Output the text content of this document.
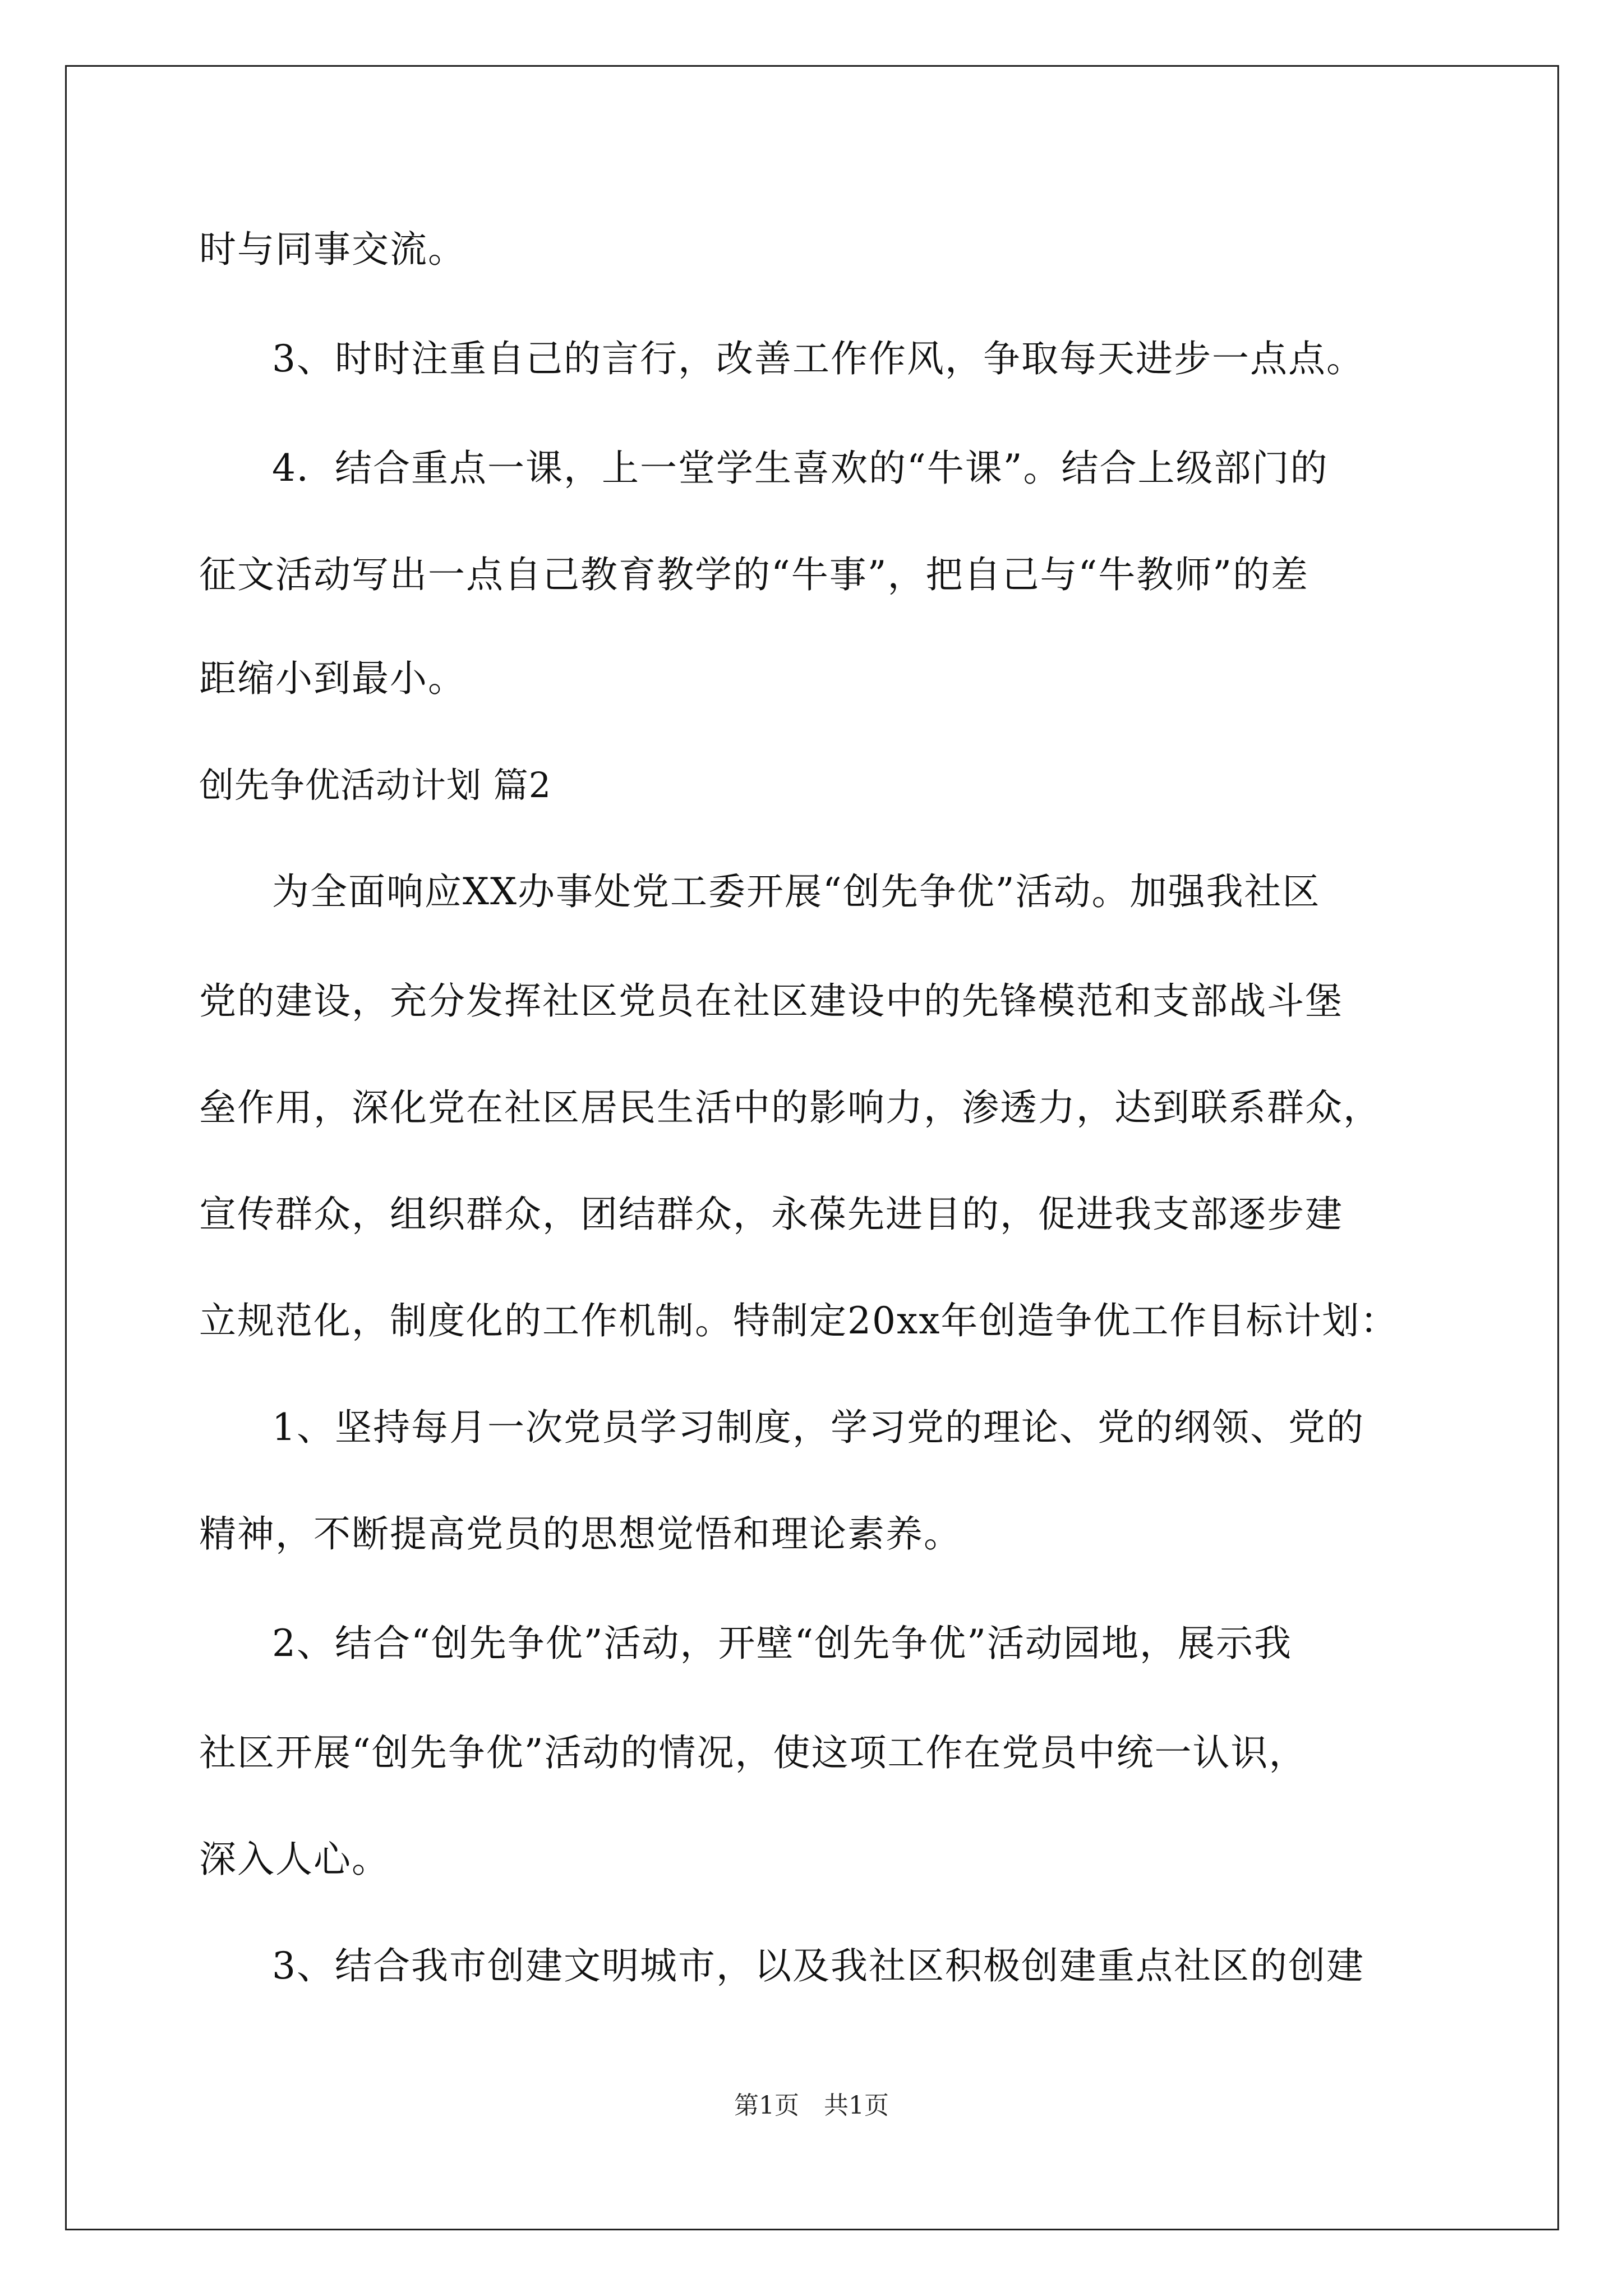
时与同事交流。
3、时时注重自己的言行，改善工作作风，争取每天进步一点点。
4．结合重点一课，上一堂学生喜欢的“牛课”。结合上级部门的
征文活动写出一点自己教育教学的“牛事”，把自己与“牛教师”的差
距缩小到最小。
创先争优活动计划 篇2
为全面响应XX办事处党工委开展“创先争优”活动。加强我社区
党的建设，充分发挥社区党员在社区建设中的先锋模范和支部战斗堡
垒作用，深化党在社区居民生活中的影响力，渗透力，达到联系群众，
宣传群众，组织群众，团结群众，永葆先进目的，促进我支部逐步建
立规范化，制度化的工作机制。特制定20xx年创造争优工作目标计划：
1、坚持每月一次党员学习制度，学习党的理论、党的纲领、党的
精神，不断提高党员的思想觉悟和理论素养。
2、结合“创先争优”活动，开壁“创先争优”活动园地，展示我
社区开展“创先争优”活动的情况，使这项工作在党员中统一认识，
深入人心。
3、结合我市创建文明城市，以及我社区积极创建重点社区的创建
第1页　共1页
